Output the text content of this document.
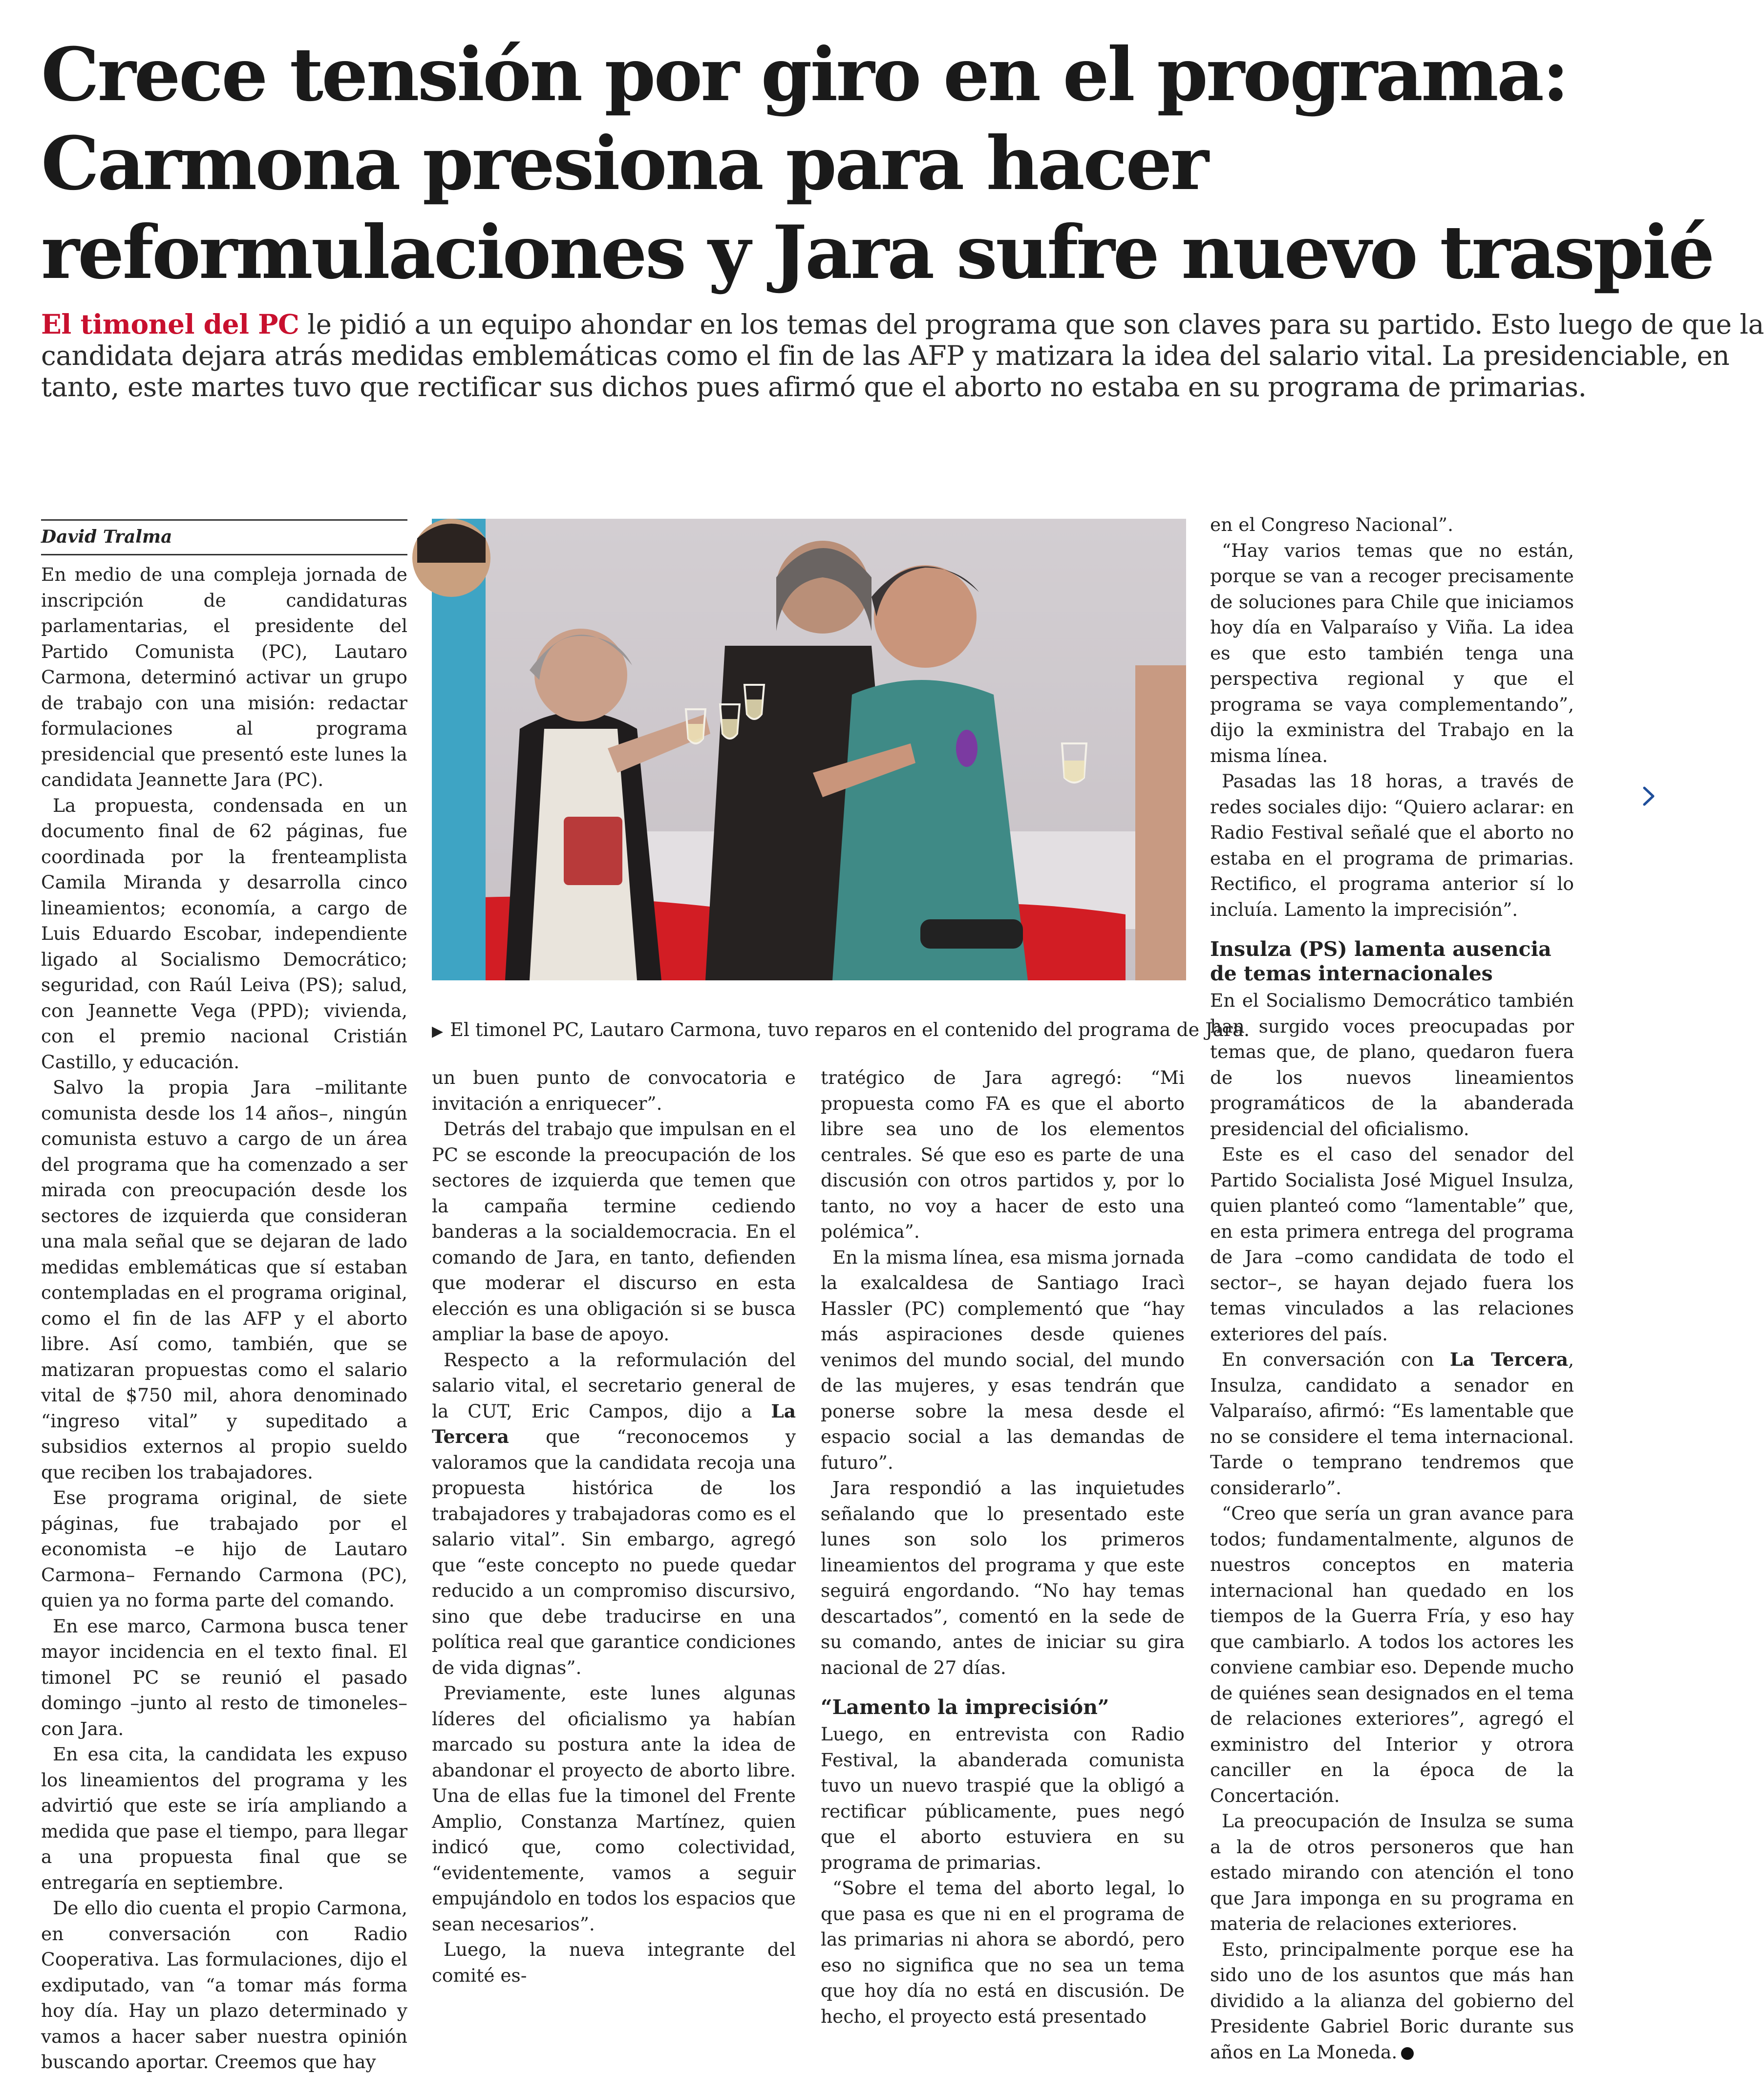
Crece tensión por giro en el programa:
Carmona presiona para hacer
reformulaciones y Jara sufre nuevo traspié
El timonel del PC le pidió a un equipo ahondar en los temas del programa que son claves para su partido. Esto luego de que la
candidata dejara atrás medidas emblemáticas como el fin de las AFP y matizara la idea del salario vital. La presidenciable, en
tanto, este martes tuvo que rectificar sus dichos pues afirmó que el aborto no estaba en su programa de primarias.
David Tralma

En medio de una compleja jornada de inscripción de candidaturas parlamentarias, el presidente del Partido Comunista (PC), Lautaro Carmona, determinó activar un grupo de trabajo con una misión: redactar formulaciones al programa presidencial que presentó este lunes la candidata Jeannette Jara (PC).

La propuesta, condensada en un documento final de 62 páginas, fue coordinada por la frenteamplista Camila Miranda y desarrolla cinco lineamientos; economía, a cargo de Luis Eduardo Escobar, independiente ligado al Socialismo Democrático; seguridad, con Raúl Leiva (PS); salud, con Jeannette Vega (PPD); vivienda, con el premio nacional Cristián Castillo, y educación.

Salvo la propia Jara –militante comunista desde los 14 años–, ningún comunista estuvo a cargo de un área del programa que ha comenzado a ser mirada con preocupación desde los sectores de izquierda que consideran una mala señal que se dejaran de lado medidas emblemáticas que sí estaban contempladas en el programa original, como el fin de las AFP y el aborto libre. Así como, también, que se matizaran propuestas como el salario vital de $750 mil, ahora denominado “ingreso vital” y supeditado a subsidios externos al propio sueldo que reciben los trabajadores.

Ese programa original, de siete páginas, fue trabajado por el economista –e hijo de Lautaro Carmona– Fernando Carmona (PC), quien ya no forma parte del comando.

En ese marco, Carmona busca tener mayor incidencia en el texto final. El timonel PC se reunió el pasado domingo –junto al resto de timoneles– con Jara.

En esa cita, la candidata les expuso los lineamientos del programa y les advirtió que este se iría ampliando a medida que pase el tiempo, para llegar a una propuesta final que se entregaría en septiembre.

De ello dio cuenta el propio Carmona, en conversación con Radio Cooperativa. Las formulaciones, dijo el exdiputado, van “a tomar más forma hoy día. Hay un plazo determinado y vamos a hacer saber nuestra opinión buscando aportar. Creemos que hay

▶ El timonel PC, Lautaro Carmona, tuvo reparos en el contenido del programa de Jara.

un buen punto de convocatoria e invitación a enriquecer”.

Detrás del trabajo que impulsan en el PC se esconde la preocupación de los sectores de izquierda que temen que la campaña termine cediendo banderas a la socialdemocracia. En el comando de Jara, en tanto, defienden que moderar el discurso en esta elección es una obligación si se busca ampliar la base de apoyo.

Respecto a la reformulación del salario vital, el secretario general de la CUT, Eric Campos, dijo a La Tercera que “reconocemos y valoramos que la candidata recoja una propuesta histórica de los trabajadores y trabajadoras como es el salario vital”. Sin embargo, agregó que “este concepto no puede quedar reducido a un compromiso discursivo, sino que debe traducirse en una política real que garantice condiciones de vida dignas”.

Previamente, este lunes algunas líderes del oficialismo ya habían marcado su postura ante la idea de abandonar el proyecto de aborto libre. Una de ellas fue la timonel del Frente Amplio, Constanza Martínez, quien indicó que, como colectividad, “evidentemente, vamos a seguir empujándolo en todos los espacios que sean necesarios”.

Luego, la nueva integrante del comité es-

tratégico de Jara agregó: “Mi propuesta como FA es que el aborto libre sea uno de los elementos centrales. Sé que eso es parte de una discusión con otros partidos y, por lo tanto, no voy a hacer de esto una polémica”.

En la misma línea, esa misma jornada la exalcaldesa de Santiago Iracì Hassler (PC) complementó que “hay más aspiraciones desde quienes venimos del mundo social, del mundo de las mujeres, y esas tendrán que ponerse sobre la mesa desde el espacio social a las demandas de futuro”.

Jara respondió a las inquietudes señalando que lo presentado este lunes son solo los primeros lineamientos del programa y que este seguirá engordando. “No hay temas descartados”, comentó en la sede de su comando, antes de iniciar su gira nacional de 27 días.

“Lamento la imprecisión”

Luego, en entrevista con Radio Festival, la abanderada comunista tuvo un nuevo traspié que la obligó a rectificar públicamente, pues negó que el aborto estuviera en su programa de primarias.

“Sobre el tema del aborto legal, lo que pasa es que ni en el programa de las primarias ni ahora se abordó, pero eso no significa que no sea un tema que hoy día no está en discusión. De hecho, el proyecto está presentado

en el Congreso Nacional”.

“Hay varios temas que no están, porque se van a recoger precisamente de soluciones para Chile que iniciamos hoy día en Valparaíso y Viña. La idea es que esto también tenga una perspectiva regional y que el programa se vaya complementando”, dijo la exministra del Trabajo en la misma línea.

Pasadas las 18 horas, a través de redes sociales dijo: “Quiero aclarar: en Radio Festival señalé que el aborto no estaba en el programa de primarias. Rectifico, el programa anterior sí lo incluía. Lamento la imprecisión”.

Insulza (PS) lamenta ausencia de temas internacionales

En el Socialismo Democrático también han surgido voces preocupadas por temas que, de plano, quedaron fuera de los nuevos lineamientos programáticos de la abanderada presidencial del oficialismo.

Este es el caso del senador del Partido Socialista José Miguel Insulza, quien planteó como “lamentable” que, en esta primera entrega del programa de Jara –como candidata de todo el sector–, se hayan dejado fuera los temas vinculados a las relaciones exteriores del país.

En conversación con La Tercera, Insulza, candidato a senador en Valparaíso, afirmó: “Es lamentable que no se considere el tema internacional. Tarde o temprano tendremos que considerarlo”.

“Creo que sería un gran avance para todos; fundamentalmente, algunos de nuestros conceptos en materia internacional han quedado en los tiempos de la Guerra Fría, y eso hay que cambiarlo. A todos los actores les conviene cambiar eso. Depende mucho de quiénes sean designados en el tema de relaciones exteriores”, agregó el exministro del Interior y otrora canciller en la época de la Concertación.

La preocupación de Insulza se suma a la de otros personeros que han estado mirando con atención el tono que Jara imponga en su programa en materia de relaciones exteriores.

Esto, principalmente porque ese ha sido uno de los asuntos que más han dividido a la alianza del gobierno del Presidente Gabriel Boric durante sus años en La Moneda.
